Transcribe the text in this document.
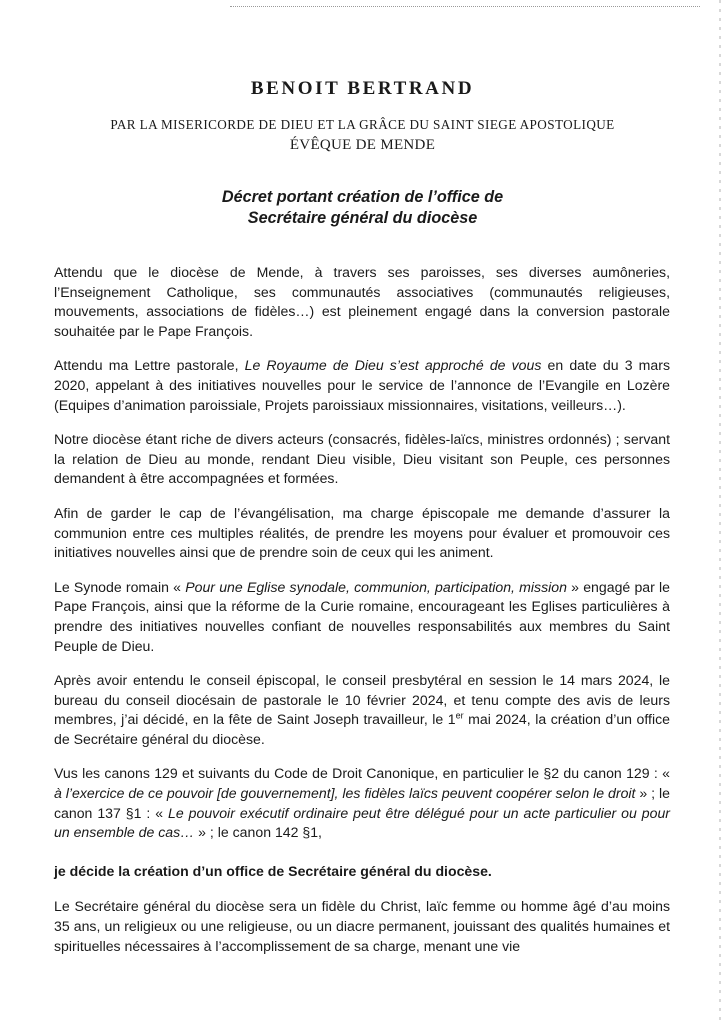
BENOIT BERTRAND
PAR LA MISERICORDE DE DIEU ET LA GRÂCE DU SAINT SIEGE APOSTOLIQUE
ÉVÊQUE DE MENDE
Décret portant création de l’office de
Secrétaire général du diocèse

Attendu que le diocèse de Mende, à travers ses paroisses, ses diverses aumôneries, l’Enseignement Catholique, ses communautés associatives (communautés religieuses, mouvements, associations de fidèles…) est pleinement engagé dans la conversion pastorale souhaitée par le Pape François.

Attendu ma Lettre pastorale, Le Royaume de Dieu s’est approché de vous en date du 3 mars 2020, appelant à des initiatives nouvelles pour le service de l’annonce de l’Evangile en Lozère (Equipes d’animation paroissiale, Projets paroissiaux missionnaires, visitations, veilleurs…).

Notre diocèse étant riche de divers acteurs (consacrés, fidèles-laïcs, ministres ordonnés) ; servant la relation de Dieu au monde, rendant Dieu visible, Dieu visitant son Peuple, ces personnes demandent à être accompagnées et formées.

Afin de garder le cap de l’évangélisation, ma charge épiscopale me demande d’assurer la communion entre ces multiples réalités, de prendre les moyens pour évaluer et promouvoir ces initiatives nouvelles ainsi que de prendre soin de ceux qui les animent.

Le Synode romain « Pour une Eglise synodale, communion, participation, mission » engagé par le Pape François, ainsi que la réforme de la Curie romaine, encourageant les Eglises particulières à prendre des initiatives nouvelles confiant de nouvelles responsabilités aux membres du Saint Peuple de Dieu.

Après avoir entendu le conseil épiscopal, le conseil presbytéral en session le 14 mars 2024, le bureau du conseil diocésain de pastorale le 10 février 2024, et tenu compte des avis de leurs membres, j’ai décidé, en la fête de Saint Joseph travailleur, le 1er mai 2024, la création d’un office de Secrétaire général du diocèse.

Vus les canons 129 et suivants du Code de Droit Canonique, en particulier le §2 du canon 129 : « à l’exercice de ce pouvoir [de gouvernement], les fidèles laïcs peuvent coopérer selon le droit » ; le canon 137 §1 : « Le pouvoir exécutif ordinaire peut être délégué pour un acte particulier ou pour un ensemble de cas… » ; le canon 142 §1,

je décide la création d’un office de Secrétaire général du diocèse.

Le Secrétaire général du diocèse sera un fidèle du Christ, laïc femme ou homme âgé d’au moins 35 ans, un religieux ou une religieuse, ou un diacre permanent, jouissant des qualités humaines et spirituelles nécessaires à l’accomplissement de sa charge, menant une vie
